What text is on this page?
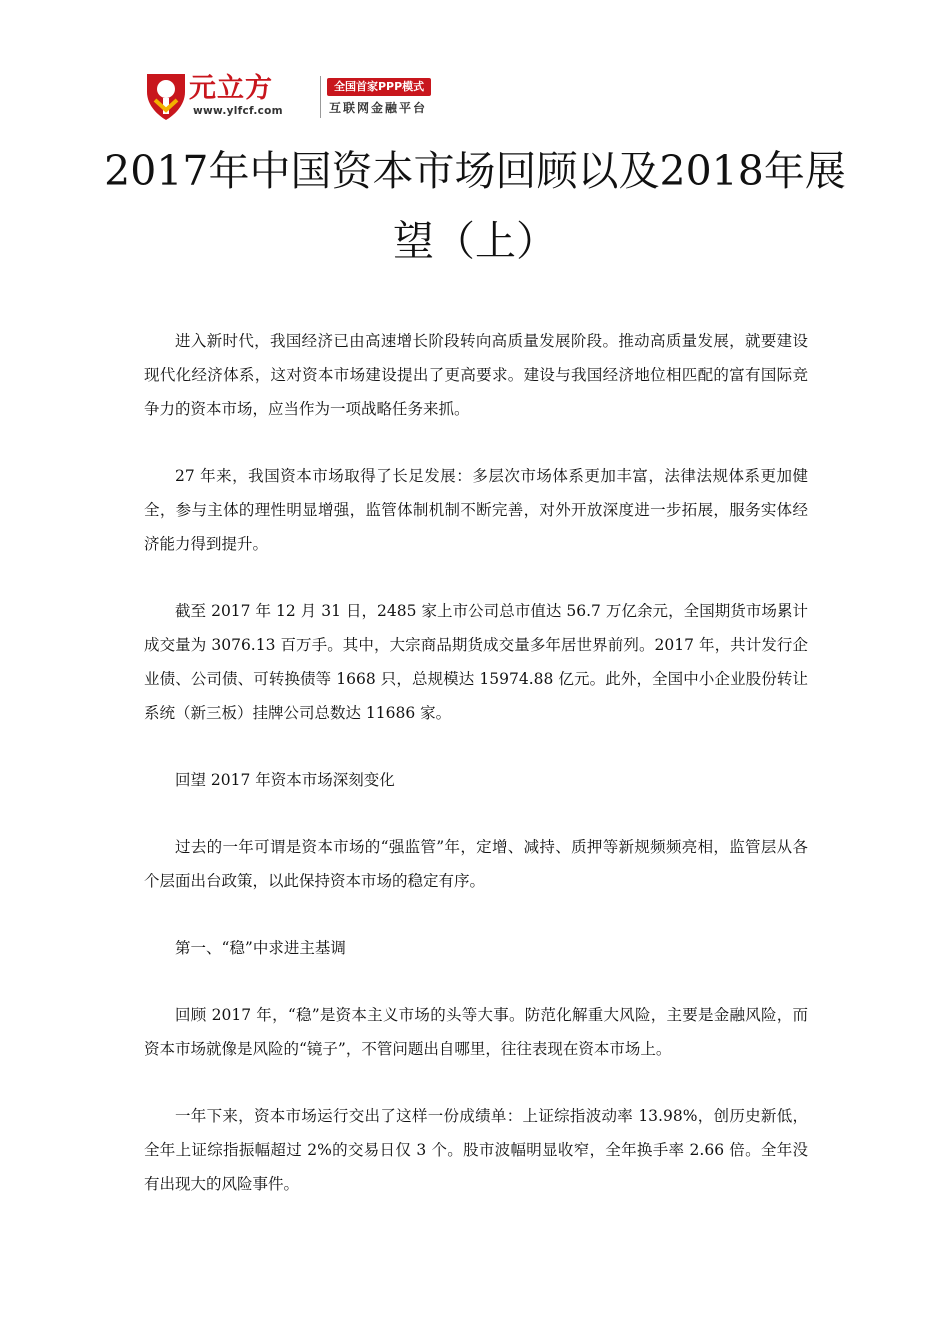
元立方
www.ylfcf.com
全国首家PPP模式
互联网金融平台
2017年中国资本市场回顾以及2018年展望（上）

进入新时代，我国经济已由高速增长阶段转向高质量发展阶段。推动高质量发展，就要建设现代化经济体系，这对资本市场建设提出了更高要求。建设与我国经济地位相匹配的富有国际竞争力的资本市场，应当作为一项战略任务来抓。

27 年来，我国资本市场取得了长足发展：多层次市场体系更加丰富，法律法规体系更加健全，参与主体的理性明显增强，监管体制机制不断完善，对外开放深度进一步拓展，服务实体经济能力得到提升。

截至 2017 年 12 月 31 日，2485 家上市公司总市值达 56.7 万亿余元，全国期货市场累计成交量为 3076.13 百万手。其中，大宗商品期货成交量多年居世界前列。2017 年，共计发行企业债、公司债、可转换债等 1668 只，总规模达 15974.88 亿元。此外，全国中小企业股份转让系统（新三板）挂牌公司总数达 11686 家。

回望 2017 年资本市场深刻变化

过去的一年可谓是资本市场的“强监管”年，定增、减持、质押等新规频频亮相，监管层从各个层面出台政策，以此保持资本市场的稳定有序。

第一、“稳”中求进主基调

回顾 2017 年，“稳”是资本主义市场的头等大事。防范化解重大风险，主要是金融风险，而资本市场就像是风险的“镜子”，不管问题出自哪里，往往表现在资本市场上。

一年下来，资本市场运行交出了这样一份成绩单：上证综指波动率 13.98%，创历史新低，全年上证综指振幅超过 2%的交易日仅 3 个。股市波幅明显收窄，全年换手率 2.66 倍。全年没有出现大的风险事件。
